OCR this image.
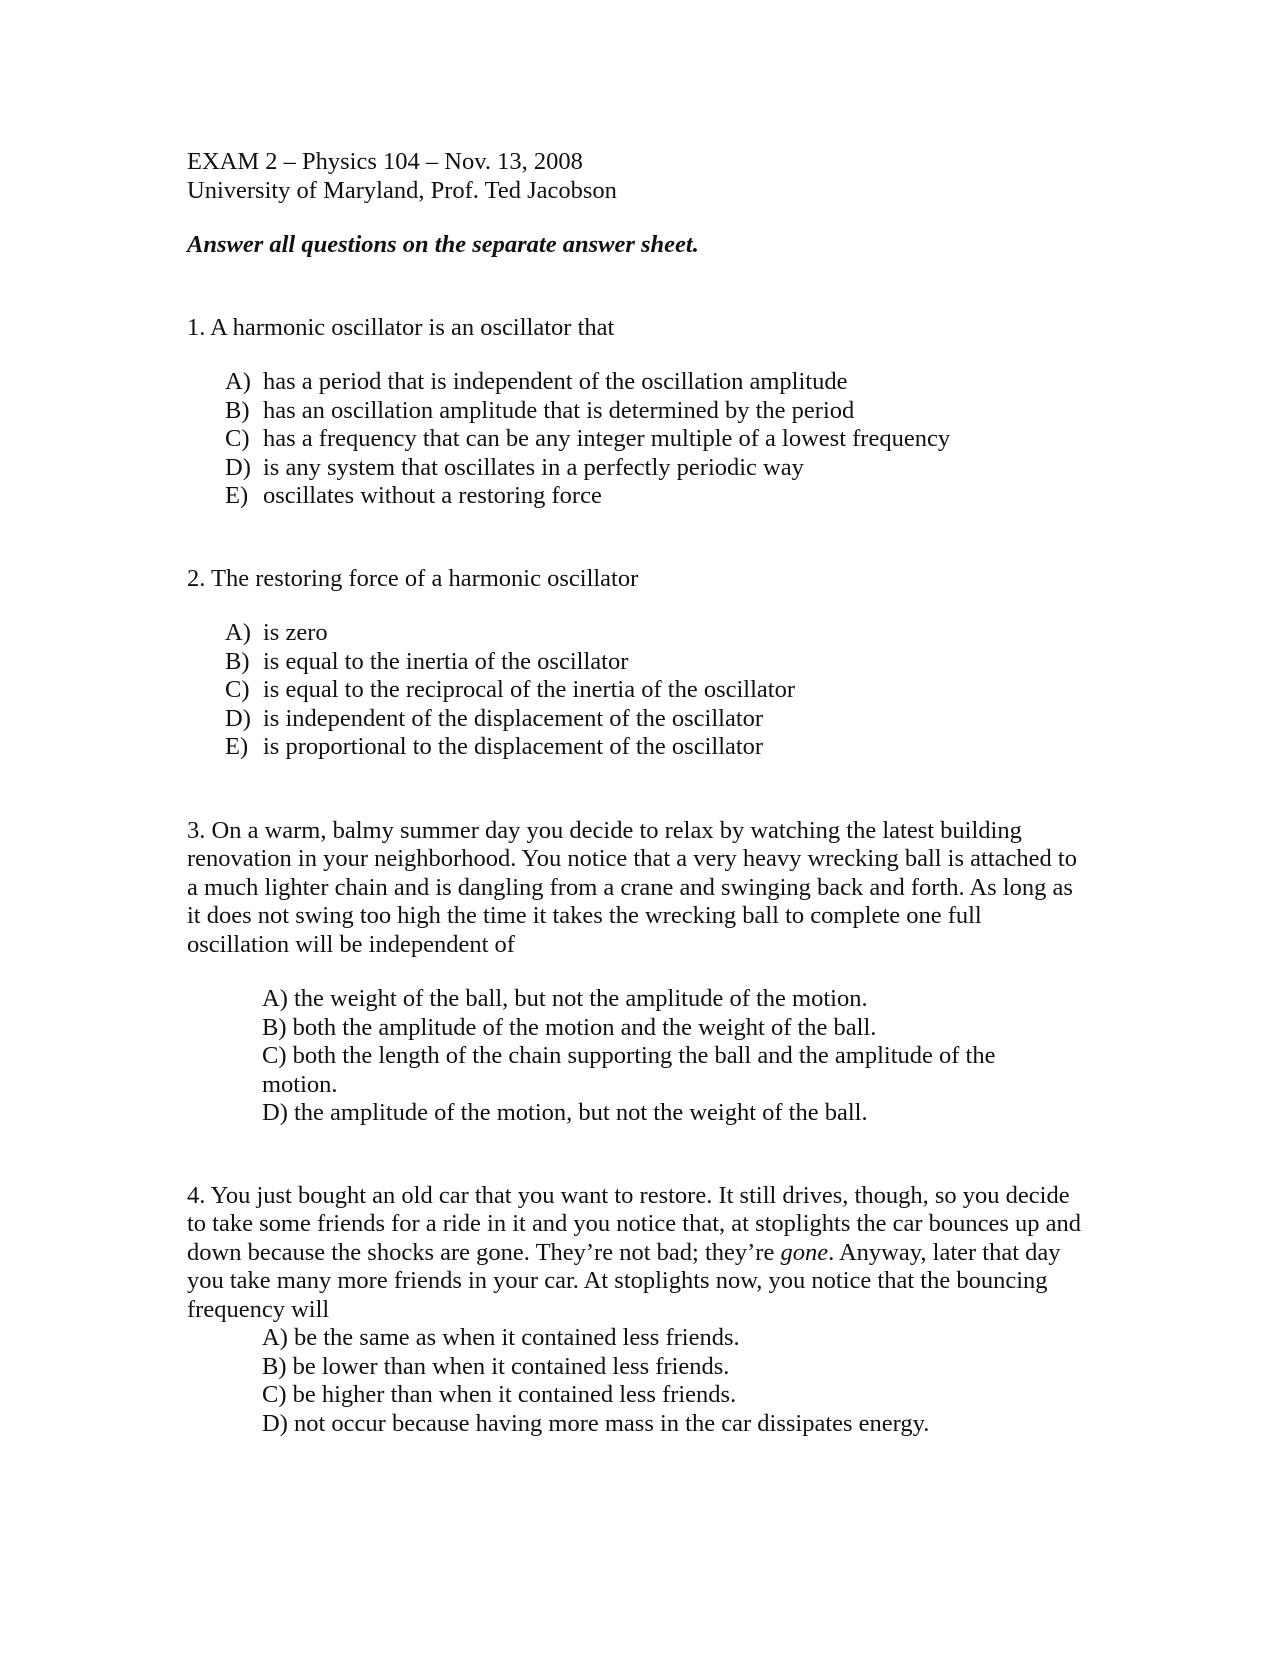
EXAM 2 – Physics 104 – Nov. 13, 2008
University of Maryland, Prof. Ted Jacobson
Answer all questions on the separate answer sheet.
1. A harmonic oscillator is an oscillator that
A) has a period that is independent of the oscillation amplitude
B) has an oscillation amplitude that is determined by the period
C) has a frequency that can be any integer multiple of a lowest frequency
D) is any system that oscillates in a perfectly periodic way
E) oscillates without a restoring force
2. The restoring force of a harmonic oscillator
A) is zero
B) is equal to the inertia of the oscillator
C) is equal to the reciprocal of the inertia of the oscillator
D) is independent of the displacement of the oscillator
E) is proportional to the displacement of the oscillator
3. On a warm, balmy summer day you decide to relax by watching the latest building renovation in your neighborhood. You notice that a very heavy wrecking ball is attached to a much lighter chain and is dangling from a crane and swinging back and forth. As long as it does not swing too high the time it takes the wrecking ball to complete one full oscillation will be independent of
A) the weight of the ball, but not the amplitude of the motion.
B) both the amplitude of the motion and the weight of the ball.
C) both the length of the chain supporting the ball and the amplitude of the motion.
D) the amplitude of the motion, but not the weight of the ball.
4. You just bought an old car that you want to restore. It still drives, though, so you decide to take some friends for a ride in it and you notice that, at stoplights the car bounces up and down because the shocks are gone. They’re not bad; they’re gone. Anyway, later that day you take many more friends in your car. At stoplights now, you notice that the bouncing frequency will
A) be the same as when it contained less friends.
B) be lower than when it contained less friends.
C) be higher than when it contained less friends.
D) not occur because having more mass in the car dissipates energy.
